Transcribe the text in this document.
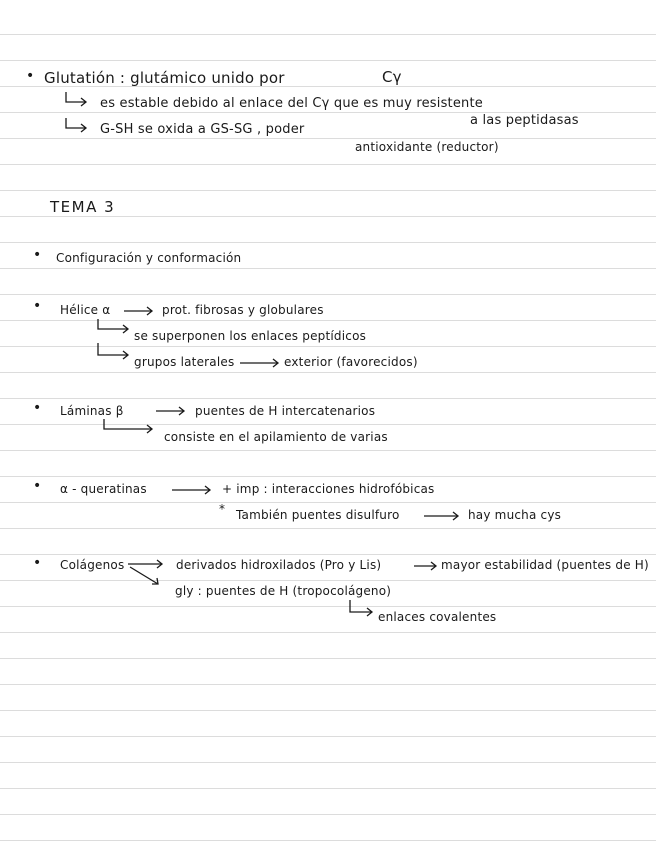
• Glutatión : glutámico unido por	Cγ
es estable debido al enlace del Cγ que es muy resistente
a las peptidasas
G-SH se oxida a GS-SG , poder
antioxidante (reductor)
TEMA 3
• Configuración y conformación
• Hélice α	prot. fibrosas y globulares
se superponen los enlaces peptídicos
grupos laterales	exterior (favorecidos)
• Láminas β	puentes de H intercatenarios
consiste en el apilamiento de varias
• α - queratinas	+ imp : interacciones hidrofóbicas
* También puentes disulfuro	hay mucha cys
• Colágenos	derivados hidroxilados (Pro y Lis)	mayor estabilidad (puentes de H)
gly : puentes de H (tropocolágeno)
enlaces covalentes
